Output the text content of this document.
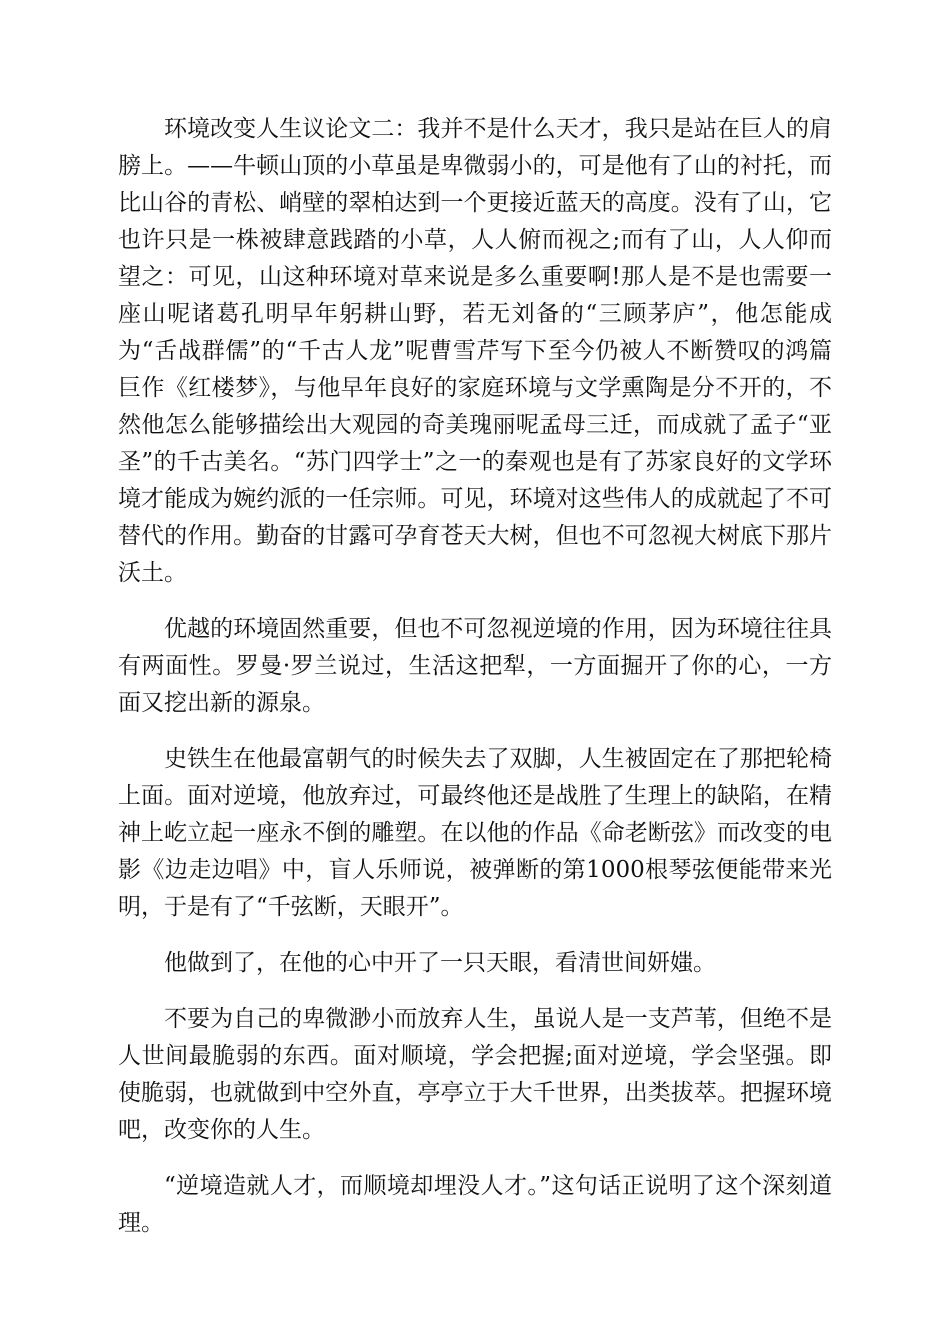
环境改变人生议论文二：我并不是什么天才，我只是站在巨人的肩膀上。——牛顿山顶的小草虽是卑微弱小的，可是他有了山的衬托，而比山谷的青松、峭壁的翠柏达到一个更接近蓝天的高度。没有了山，它也许只是一株被肆意践踏的小草，人人俯而视之;而有了山，人人仰而望之：可见，山这种环境对草来说是多么重要啊!那人是不是也需要一座山呢诸葛孔明早年躬耕山野，若无刘备的“三顾茅庐”，他怎能成为“舌战群儒”的“千古人龙”呢曹雪芹写下至今仍被人不断赞叹的鸿篇巨作《红楼梦》，与他早年良好的家庭环境与文学熏陶是分不开的，不然他怎么能够描绘出大观园的奇美瑰丽呢孟母三迁，而成就了孟子“亚圣”的千古美名。“苏门四学士”之一的秦观也是有了苏家良好的文学环境才能成为婉约派的一任宗师。可见，环境对这些伟人的成就起了不可替代的作用。勤奋的甘露可孕育苍天大树，但也不可忽视大树底下那片沃土。

优越的环境固然重要，但也不可忽视逆境的作用，因为环境往往具有两面性。罗曼·罗兰说过，生活这把犁，一方面掘开了你的心，一方面又挖出新的源泉。

史铁生在他最富朝气的时候失去了双脚，人生被固定在了那把轮椅上面。面对逆境，他放弃过，可最终他还是战胜了生理上的缺陷，在精神上屹立起一座永不倒的雕塑。在以他的作品《命老断弦》而改变的电影《边走边唱》中，盲人乐师说，被弹断的第1000根琴弦便能带来光明，于是有了“千弦断，天眼开”。

他做到了，在他的心中开了一只天眼，看清世间妍媸。

不要为自己的卑微渺小而放弃人生，虽说人是一支芦苇，但绝不是人世间最脆弱的东西。面对顺境，学会把握;面对逆境，学会坚强。即使脆弱，也就做到中空外直，亭亭立于大千世界，出类拔萃。把握环境吧，改变你的人生。

“逆境造就人才，而顺境却埋没人才。”这句话正说明了这个深刻道理。
